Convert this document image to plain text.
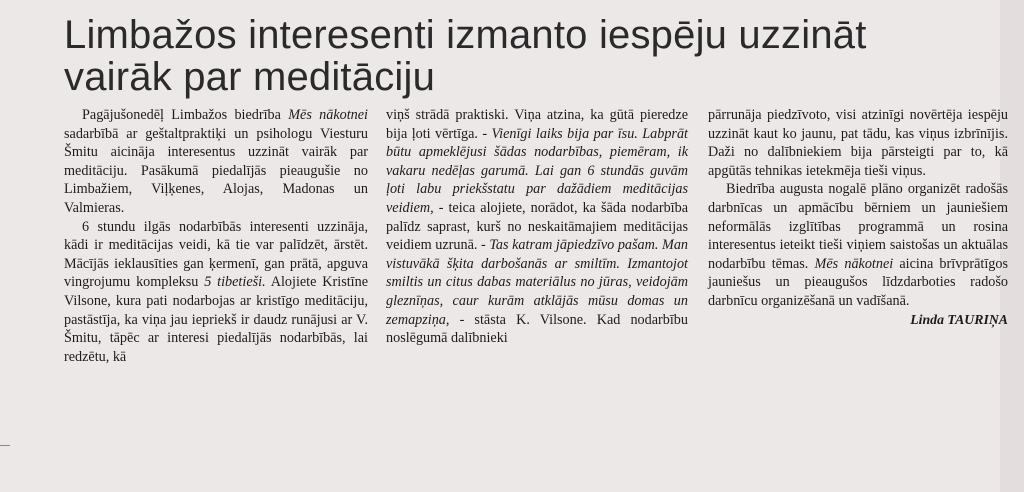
Limbažos interesenti izmanto iespēju uzzināt vairāk par meditāciju

Pagājušonedēļ Limbažos biedrība Mēs nākotnei sadarbībā ar geštaltpraktiķi un psihologu Viesturu Šmitu aicināja interesentus uzzināt vairāk par meditāciju. Pasākumā piedalījās pieaugušie no Limbažiem, Viļķenes, Alojas, Madonas un Valmieras.

6 stundu ilgās nodarbībās interesenti uzzināja, kādi ir meditācijas veidi, kā tie var palīdzēt, ārstēt. Mācījās ieklausīties gan ķermenī, gan prātā, apguva vingrojumu kompleksu 5 tibetieši. Alojiete Kristīne Vilsone, kura pati nodarbojas ar kristīgo meditāciju, pastāstīja, ka viņa jau iepriekš ir daudz runājusi ar V. Šmitu, tāpēc ar interesi piedalījās nodarbībās, lai redzētu, kā

viņš strādā praktiski. Viņa atzina, ka gūtā pieredze bija ļoti vērtīga. - Vienīgi laiks bija par īsu. Labprāt būtu apmeklējusi šādas nodarbības, piemēram, ik vakaru nedēļas garumā. Lai gan 6 stundās guvām ļoti labu priekšstatu par dažādiem meditācijas veidiem, - teica alojiete, norādot, ka šāda nodarbība palīdz saprast, kurš no neskaitāmajiem meditācijas veidiem uzrunā. - Tas katram jāpiedzīvo pašam. Man vistuvākā šķita darbošanās ar smiltīm. Izmantojot smiltis un citus dabas materiālus no jūras, veidojām gleznīņas, caur kurām atklājās mūsu domas un zemapziņa, - stāsta K. Vilsone. Kad nodarbību noslēgumā dalībnieki

pārrunāja piedzīvoto, visi atzinīgi novērtēja iespēju uzzināt kaut ko jaunu, pat tādu, kas viņus izbrīnījis. Daži no dalībniekiem bija pārsteigti par to, kā apgūtās tehnikas ietekmēja tieši viņus.

Biedrība augusta nogalē plāno organizēt radošās darbnīcas un apmācību bērniem un jauniešiem neformālās izglītības programmā un rosina interesentus ieteikt tieši viņiem saistošas un aktuālas nodarbību tēmas. Mēs nākotnei aicina brīvprātīgos jauniešus un pieaugušos līdzdarboties radošo darbnīcu organizēšanā un vadīšanā.

Linda TAURIŅA
